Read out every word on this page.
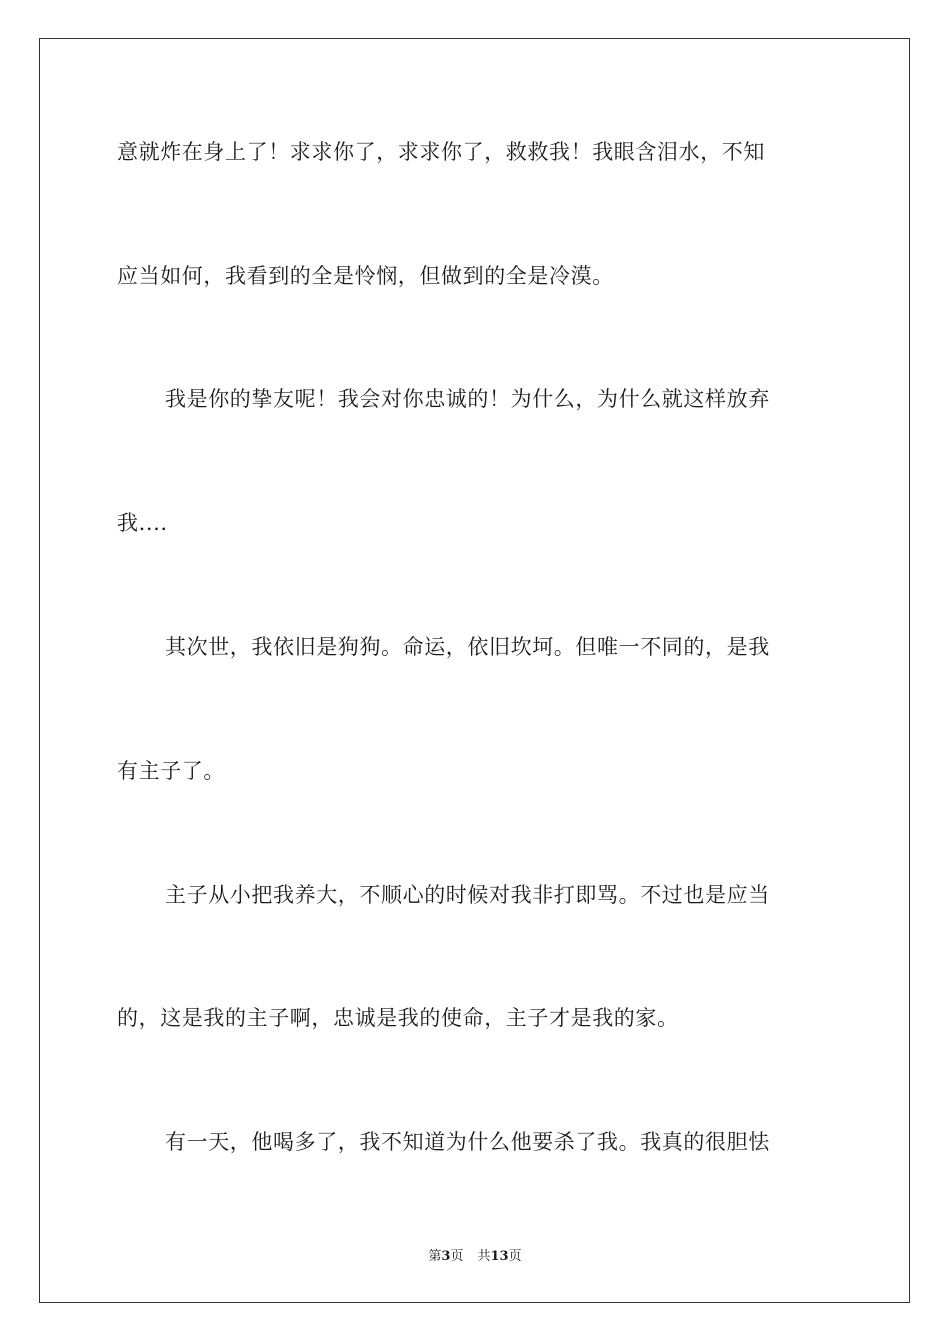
意就炸在身上了！求求你了，求求你了，救救我！我眼含泪水，不知
应当如何，我看到的全是怜悯，但做到的全是冷漠。
我是你的挚友呢！我会对你忠诚的！为什么，为什么就这样放弃
我....
其次世，我依旧是狗狗。命运，依旧坎坷。但唯一不同的，是我
有主子了。
主子从小把我养大，不顺心的时候对我非打即骂。不过也是应当
的，这是我的主子啊，忠诚是我的使命，主子才是我的家。
有一天，他喝多了，我不知道为什么他要杀了我。我真的很胆怯
第3页 共13页
